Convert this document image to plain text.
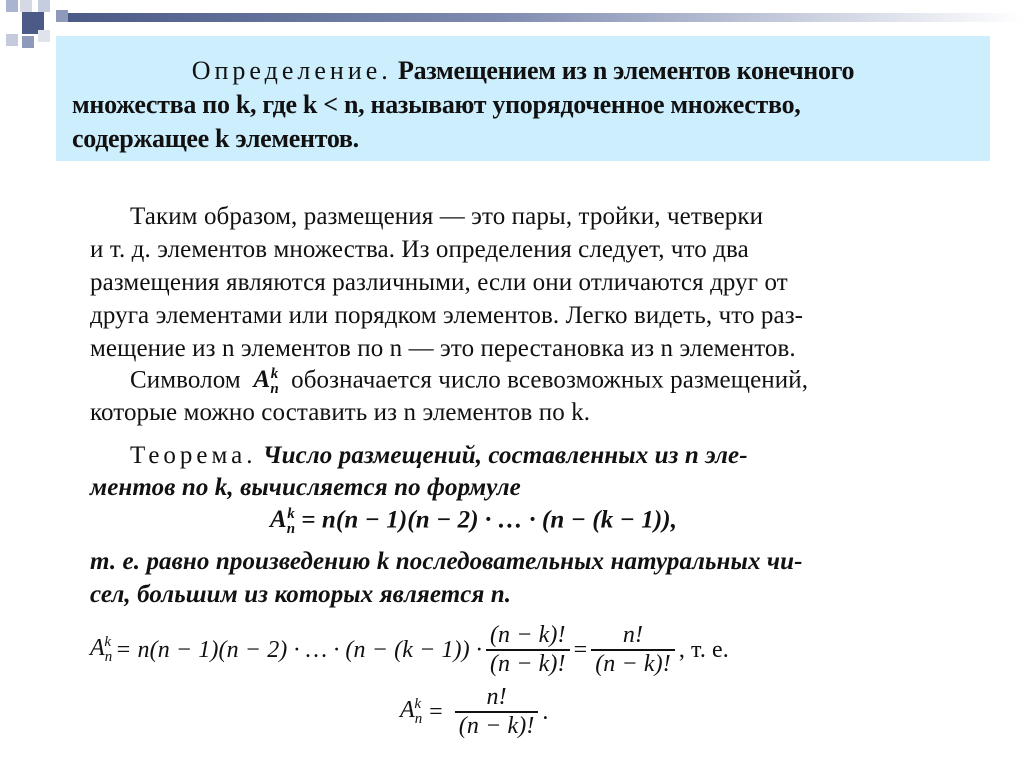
Определение. Размещением из n элементов конечного
множества по k, где k < n, называют упорядоченное множество,
содержащее k элементов.
Таким образом, размещения — это пары, тройки, четверки
и т. д. элементов множества. Из определения следует, что два
размещения являются различными, если они отличаются друг от
друга элементами или порядком элементов. Легко видеть, что раз-
мещение из n элементов по n — это перестановка из n элементов.
Символом $A_n^k$ обозначается число всевозможных размещений,
которые можно составить из n элементов по k.
Теорема. Число размещений, составленных из n эле-
ментов по k, вычисляется по формуле
$A_n^k = n(n - 1)(n - 2)$ · … · (n − (k − 1)),
т. е. равно произведению k последовательных натуральных чи-
сел, большим из которых является n.
$A_n^k = n(n - 1)(n - 2)$ · … · $(n - (k - 1)) \cdot \frac{(n - k)!}{(n - k)!} = \frac{n!}{(n - k)!}$ , т. е.
$A_n^k = \frac{n!}{(n - k)!}$ .
